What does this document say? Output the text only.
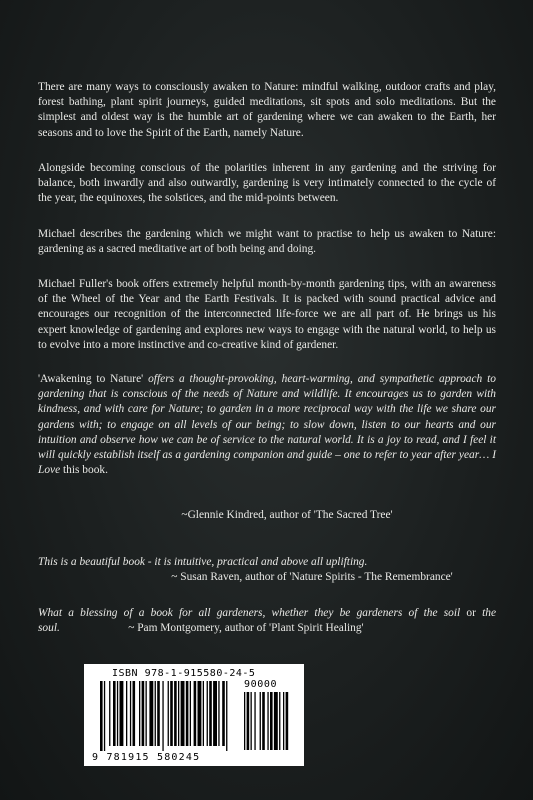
There are many ways to consciously awaken to Nature: mindful walking, outdoor crafts and play, forest bathing, plant spirit journeys, guided meditations, sit spots and solo meditations. But the simplest and oldest way is the humble art of gardening where we can awaken to the Earth, her seasons and to love the Spirit of the Earth, namely Nature.

Alongside becoming conscious of the polarities inherent in any gardening and the striving for balance, both inwardly and also outwardly, gardening is very intimately connected to the cycle of the year, the equinoxes, the solstices, and the mid-points between.

Michael describes the gardening which we might want to practise to help us awaken to Nature: gardening as a sacred meditative art of both being and doing.

Michael Fuller's book offers extremely helpful month-by-month gardening tips, with an awareness of the Wheel of the Year and the Earth Festivals. It is packed with sound practical advice and encourages our recognition of the interconnected life-force we are all part of. He brings us his expert knowledge of gardening and explores new ways to engage with the natural world, to help us to evolve into a more instinctive and co-creative kind of gardener.

'Awakening to Nature' offers a thought-provoking, heart-warming, and sympathetic approach to gardening that is conscious of the needs of Nature and wildlife. It encourages us to garden with kindness, and with care for Nature; to garden in a more reciprocal way with the life we share our gardens with; to engage on all levels of our being; to slow down, listen to our hearts and our intuition and observe how we can be of service to the natural world. It is a joy to read, and I feel it will quickly establish itself as a gardening companion and guide – one to refer to year after year… I Love this book.

~Glennie Kindred, author of 'The Sacred Tree'

This is a beautiful book - it is intuitive, practical and above all uplifting.

~ Susan Raven, author of 'Nature Spirits - The Remembrance'

What a blessing of a book for all gardeners, whether they be gardeners of the soil or the soul.	~ Pam Montgomery, author of 'Plant Spirit Healing'

ISBN 978-1-915580-24-5
9 781915 580245
90000
